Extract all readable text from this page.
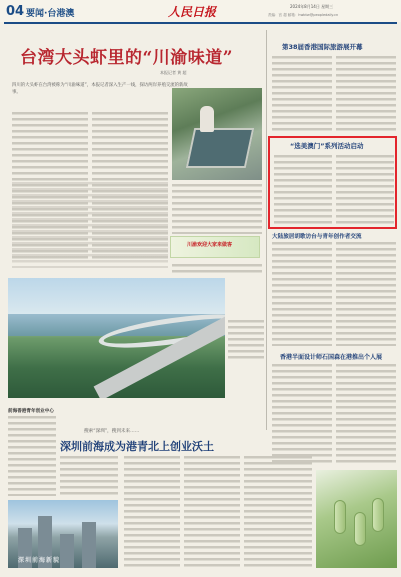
04 要闻·台港澳	人民日报	2024年8月14日 星期三
责编：宫 超 邮箱：hwbtw@peopledaily.cn
台湾大头虾里的“川渝味道”
本报记者 黄 超
四川的大头虾在台湾被称为“川渝味道”，本报记者深入生产一线，探访两岸养殖交流的新故事。
川渝欢迎大家来做客
第38届香港国际旅游展开幕
“选美澳门”系列活动启动
大陆旅居胡歌访台与青年创作者交流
香港半面设计师石国森在港推出个人展
前海香港青年创业中心
搜索“深圳”，搜到未来……
深圳前海成为港青北上创业沃土
深圳前海新貌
